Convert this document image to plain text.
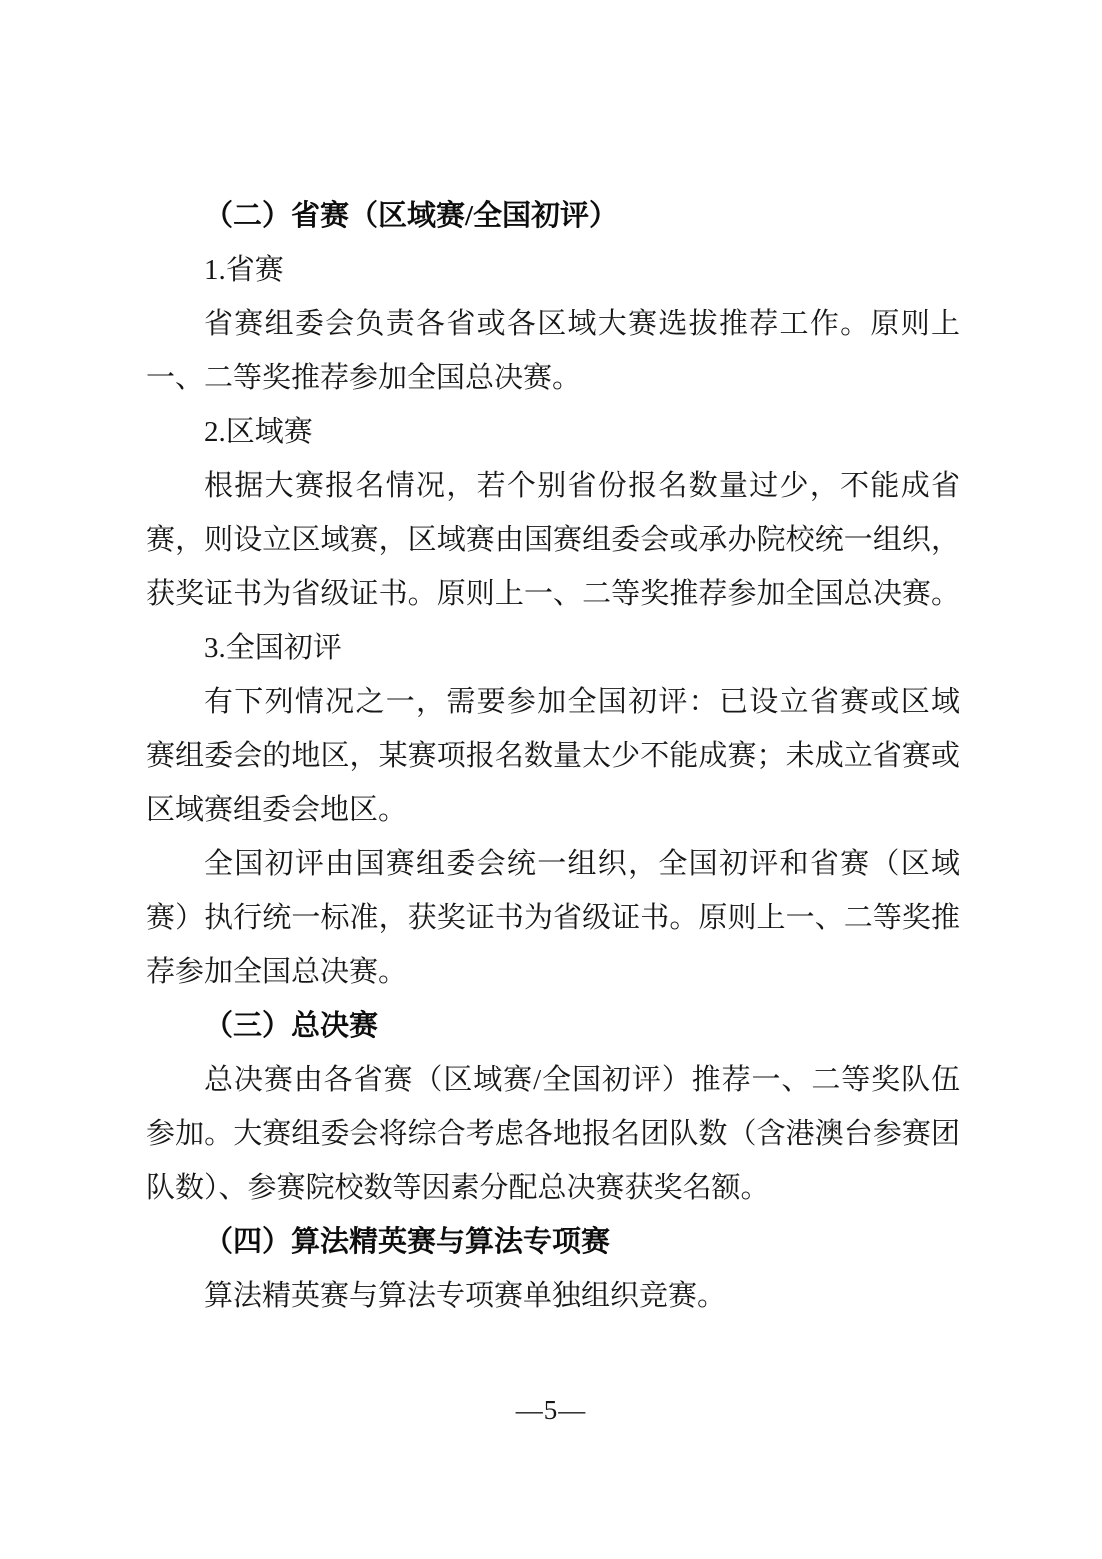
（二）省赛（区域赛/全国初评）
1.省赛
省赛组委会负责各省或各区域大赛选拔推荐工作。原则上
一、二等奖推荐参加全国总决赛。
2.区域赛
根据大赛报名情况，若个别省份报名数量过少，不能成省
赛，则设立区域赛，区域赛由国赛组委会或承办院校统一组织，
获奖证书为省级证书。原则上一、二等奖推荐参加全国总决赛。
3.全国初评
有下列情况之一，需要参加全国初评：已设立省赛或区域
赛组委会的地区，某赛项报名数量太少不能成赛；未成立省赛或
区域赛组委会地区。
全国初评由国赛组委会统一组织，全国初评和省赛（区域
赛）执行统一标准，获奖证书为省级证书。原则上一、二等奖推
荐参加全国总决赛。
（三）总决赛
总决赛由各省赛（区域赛/全国初评）推荐一、二等奖队伍
参加。大赛组委会将综合考虑各地报名团队数（含港澳台参赛团
队数）、参赛院校数等因素分配总决赛获奖名额。
（四）算法精英赛与算法专项赛
算法精英赛与算法专项赛单独组织竞赛。
—5—
